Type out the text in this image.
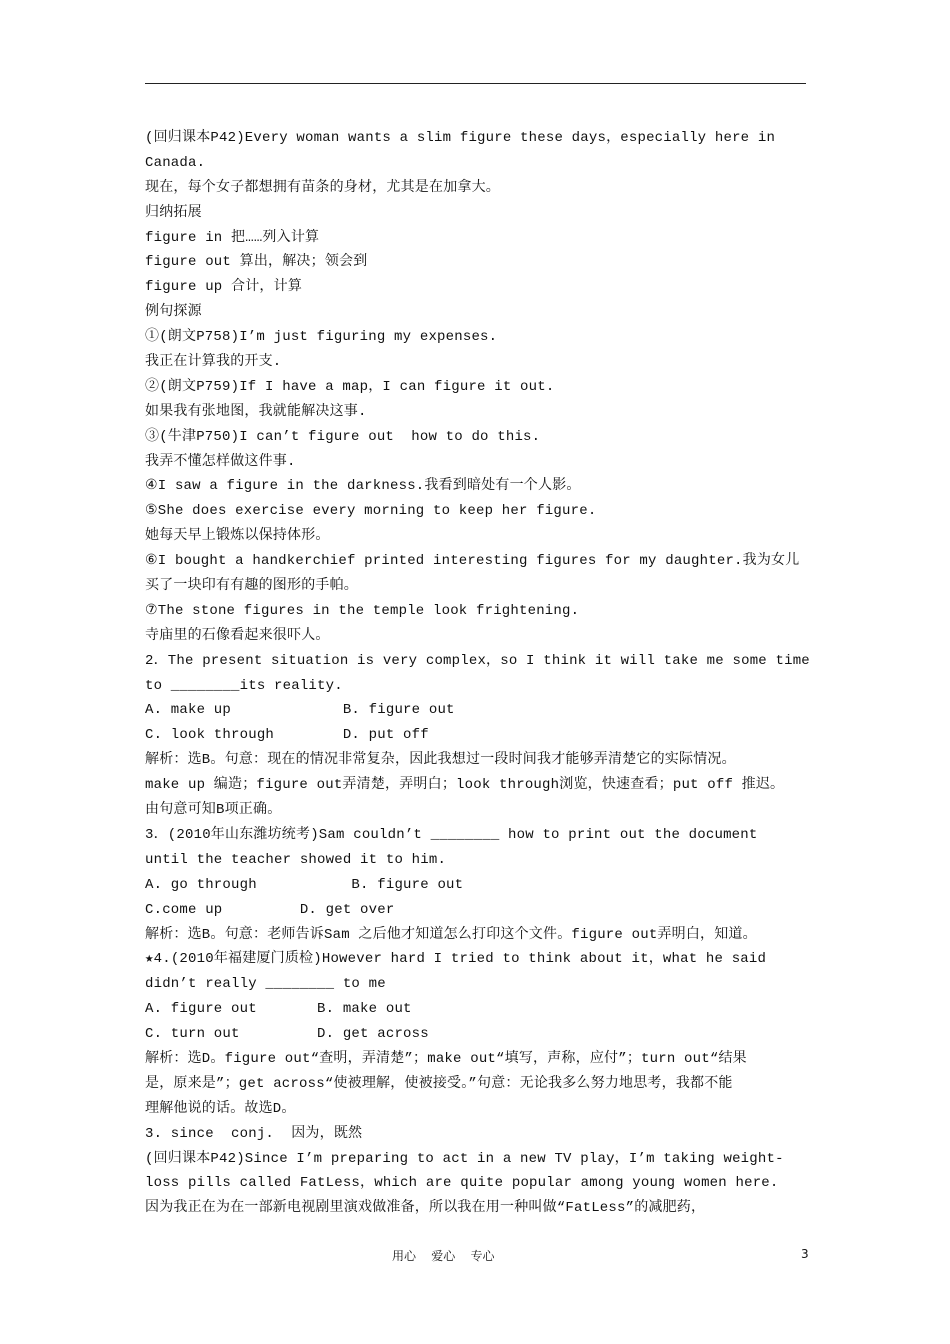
(回归课本P42)Every woman wants a slim figure these days，especially here in
Canada.
现在，每个女子都想拥有苗条的身材，尤其是在加拿大。
归纳拓展
figure in 把……列入计算
figure out 算出，解决；领会到
figure up 合计，计算
例句探源
①(朗文P758)I’m just figuring my expenses.
我正在计算我的开支.
②(朗文P759)If I have a map，I can figure it out.
如果我有张地图，我就能解决这事.
③(牛津P750)I can’t figure out  how to do this.
我弄不懂怎样做这件事.
④I saw a figure in the darkness.我看到暗处有一个人影。
⑤She does exercise every morning to keep her figure.
她每天早上锻炼以保持体形。
⑥I bought a handkerchief printed interesting figures for my daughter.我为女儿
买了一块印有有趣的图形的手帕。
⑦The stone figures in the temple look frightening.
寺庙里的石像看起来很吓人。
2．The present situation is very complex，so I think it will take me some time
to ________its reality.
A. make up             B. figure out
C. look through        D. put off
解析：选B。句意：现在的情况非常复杂，因此我想过一段时间我才能够弄清楚它的实际情况。
make up 编造；figure out弄清楚，弄明白；look through浏览，快速查看；put off 推迟。
由句意可知B项正确。
3．(2010年山东潍坊统考)Sam couldn’t ________ how to print out the document
until the teacher showed it to him.
A. go through           B. figure out
C.come up         D. get over
解析：选B。句意：老师告诉Sam 之后他才知道怎么打印这个文件。figure out弄明白，知道。
★4.(2010年福建厦门质检)However hard I tried to think about it，what he said
didn’t really ________ to me
A. figure out       B. make out
C. turn out         D. get across
解析：选D。figure out“查明，弄清楚”；make out“填写，声称，应付”；turn out“结果
是，原来是”；get across“使被理解，使被接受。”句意：无论我多么努力地思考，我都不能
理解他说的话。故选D。
3. since  conj.  因为，既然
(回归课本P42)Since I’m preparing to act in a new TV play，I’m taking weight-
loss pills called FatLess，which are quite popular among young women here.
因为我正在为在一部新电视剧里演戏做准备，所以我在用一种叫做“FatLess”的减肥药，
用心    爱心    专心	3
